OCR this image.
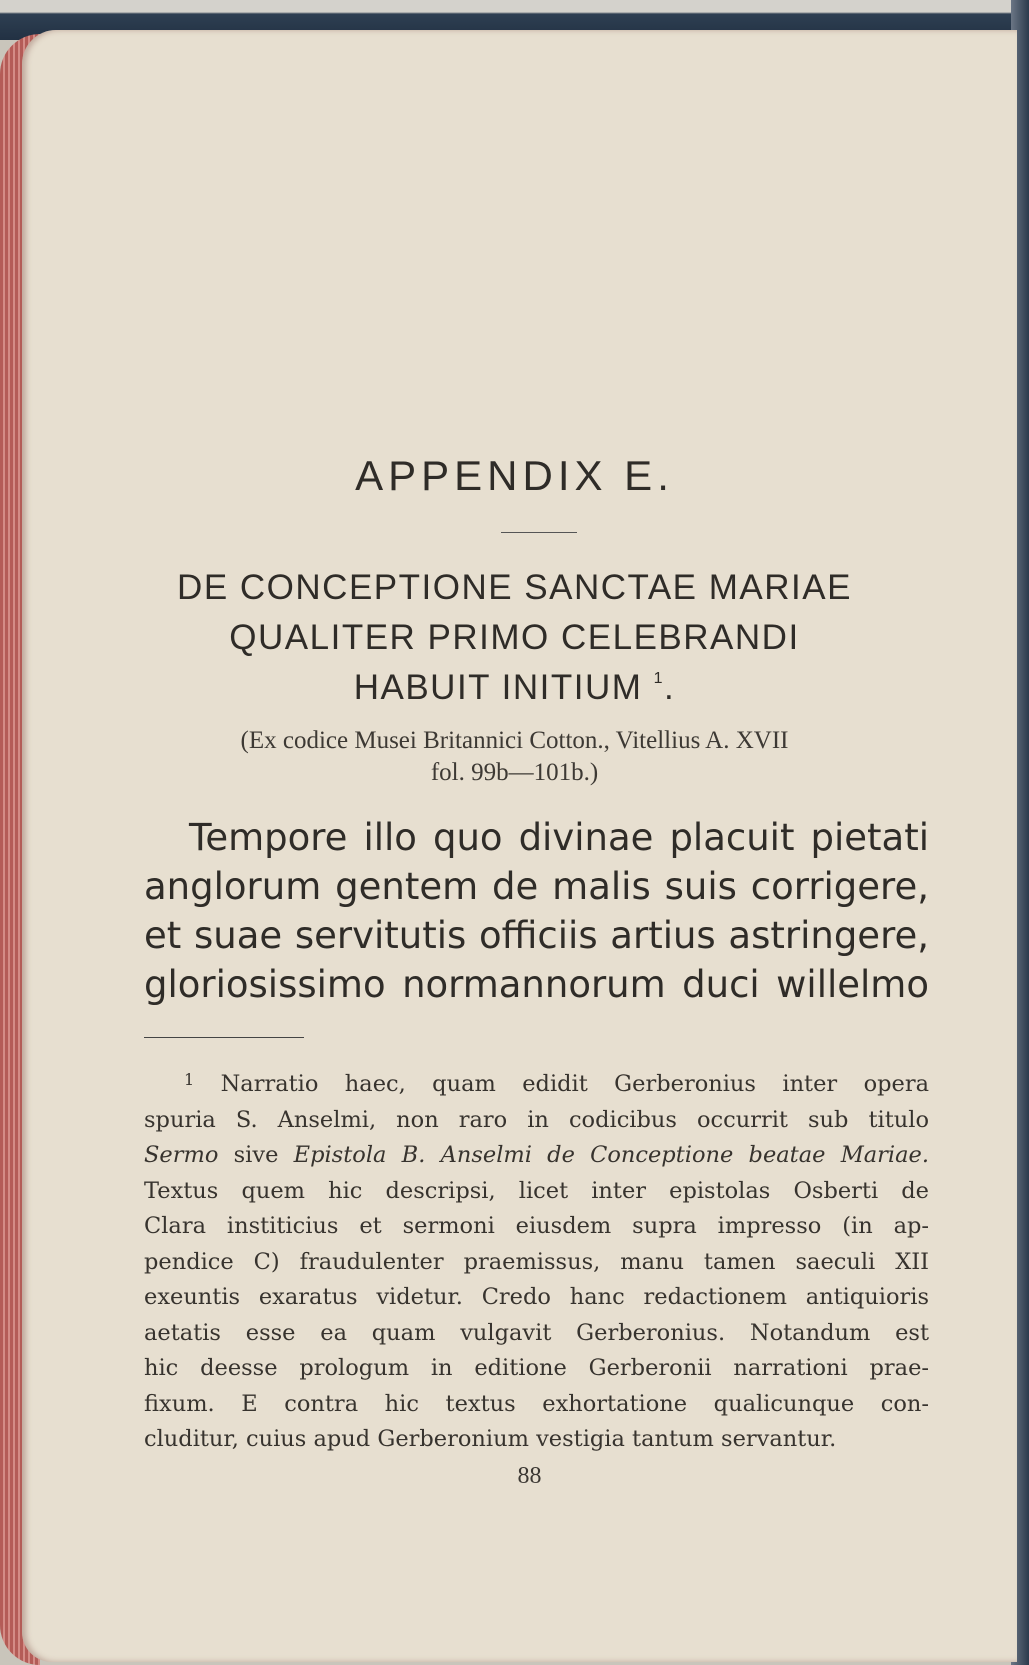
APPENDIX E.
DE CONCEPTIONE SANCTAE MARIAE
QUALITER PRIMO CELEBRANDI
HABUIT INITIUM $^1$.
(Ex codice Musei Britannici Cotton., Vitellius A. XVII
fol. 99b—101b.)
Tempore illo quo divinae placuit pietati
anglorum gentem de malis suis corrigere,
et suae servitutis officiis artius astringere,
gloriosissimo normannorum duci willelmo
$^1$ Narratio haec, quam edidit Gerberonius inter opera
spuria S. Anselmi, non raro in codicibus occurrit sub titulo
Sermo sive Epistola B. Anselmi de Conceptione beatae Mariae.
Textus quem hic descripsi, licet inter epistolas Osberti de
Clara institicius et sermoni eiusdem supra impresso (in ap-
pendice C) fraudulenter praemissus, manu tamen saeculi XII
exeuntis exaratus videtur. Credo hanc redactionem antiquioris
aetatis esse ea quam vulgavit Gerberonius. Notandum est
hic deesse prologum in editione Gerberonii narrationi prae-
fixum. E contra hic textus exhortatione qualicunque con-
cluditur, cuius apud Gerberonium vestigia tantum servantur.
88
